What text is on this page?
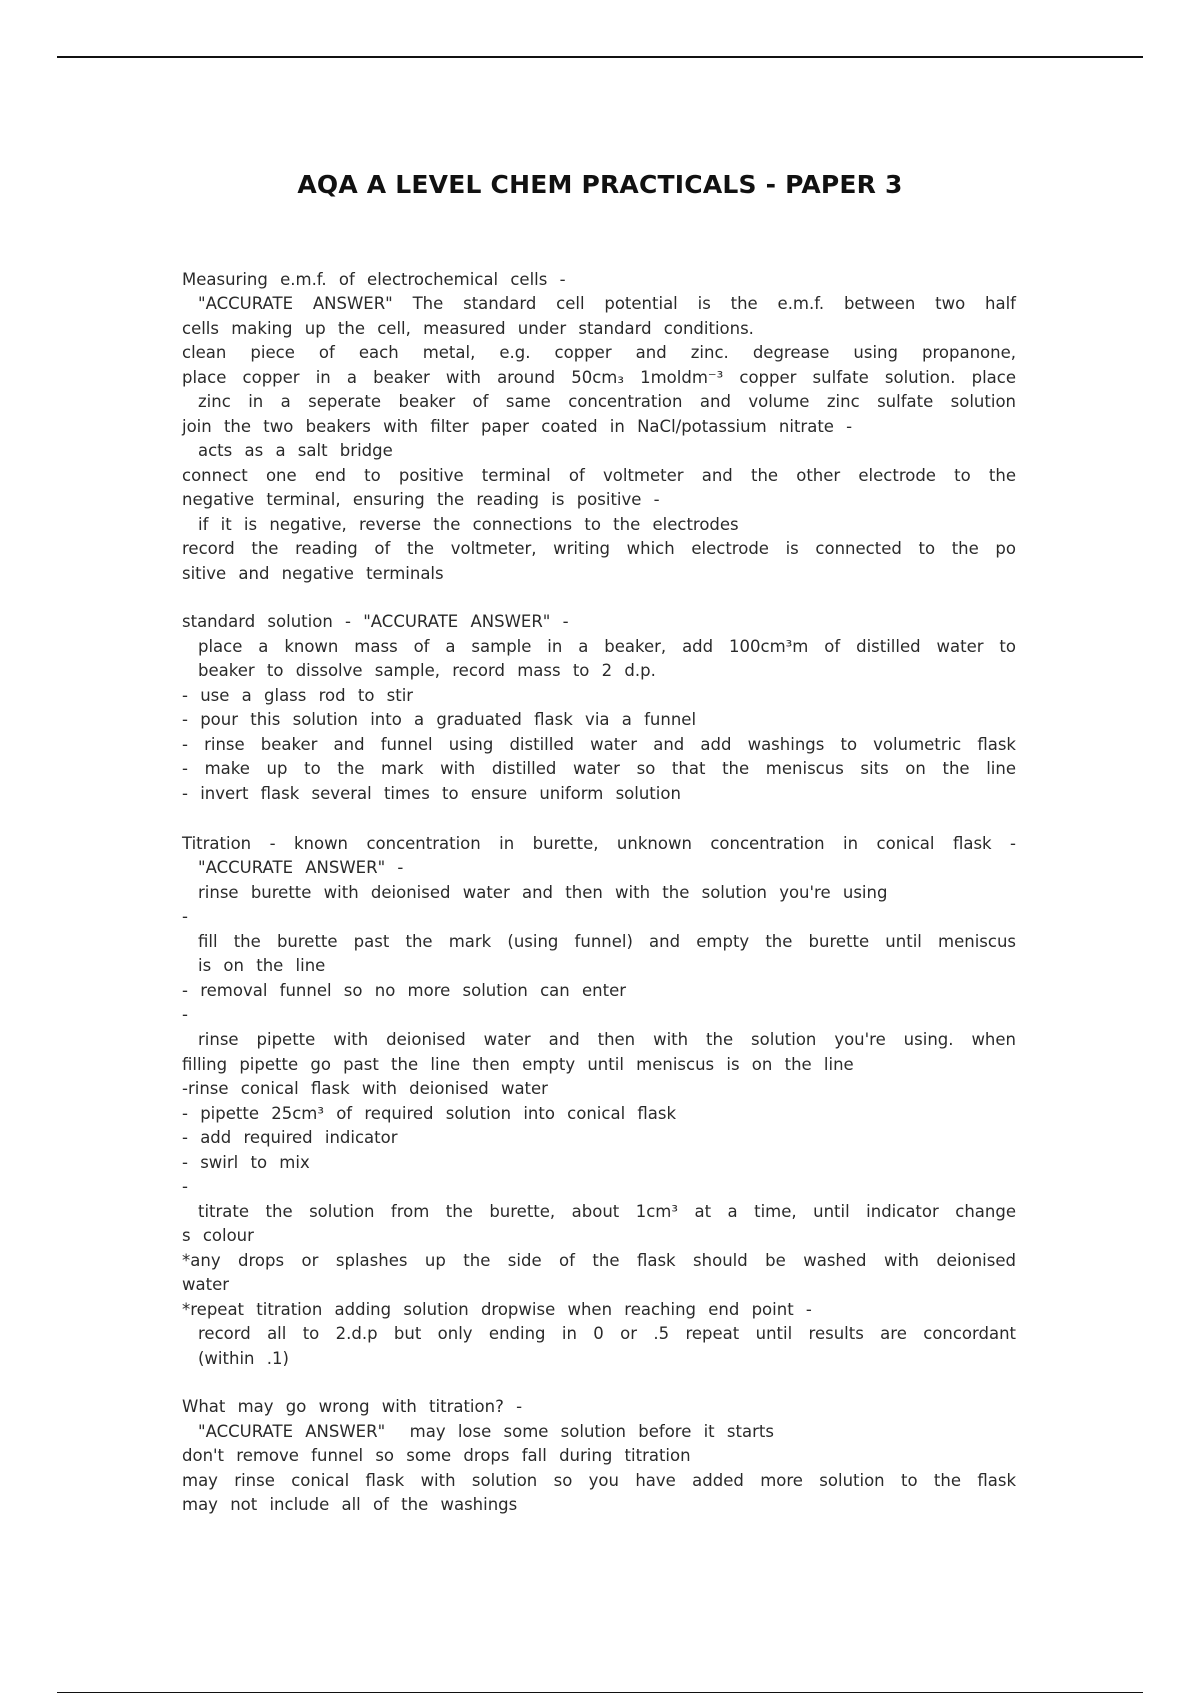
AQA A LEVEL CHEM PRACTICALS - PAPER 3
Measuring e.m.f. of electrochemical cells -
"ACCURATE ANSWER" The standard cell potential is the e.m.f. between two half
cells making up the cell, measured under standard conditions.
clean piece of each metal, e.g. copper and zinc. degrease using propanone,
place copper in a beaker with around 50cm₃ 1moldm⁻³ copper sulfate solution. place
zinc in a seperate beaker of same concentration and volume zinc sulfate solution
join the two beakers with filter paper coated in NaCl/potassium nitrate -
acts as a salt bridge
connect one end to positive terminal of voltmeter and the other electrode to the
negative terminal, ensuring the reading is positive -
if it is negative, reverse the connections to the electrodes
record the reading of the voltmeter, writing which electrode is connected to the po
sitive and negative terminals
standard solution - "ACCURATE ANSWER" -
place a known mass of a sample in a beaker, add 100cm³m of distilled water to
beaker to dissolve sample, record mass to 2 d.p.
- use a glass rod to stir
- pour this solution into a graduated flask via a funnel
- rinse beaker and funnel using distilled water and add washings to volumetric flask
- make up to the mark with distilled water so that the meniscus sits on the line
- invert flask several times to ensure uniform solution
Titration - known concentration in burette, unknown concentration in conical flask -
"ACCURATE ANSWER" -
rinse burette with deionised water and then with the solution you're using
-
fill the burette past the mark (using funnel) and empty the burette until meniscus
is on the line
- removal funnel so no more solution can enter
-
rinse pipette with deionised water and then with the solution you're using. when
filling pipette go past the line then empty until meniscus is on the line
-rinse conical flask with deionised water
- pipette 25cm³ of required solution into conical flask
- add required indicator
- swirl to mix
-
titrate the solution from the burette, about 1cm³ at a time, until indicator change
s colour
*any drops or splashes up the side of the flask should be washed with deionised
water
*repeat titration adding solution dropwise when reaching end point -
record all to 2.d.p but only ending in 0 or .5 repeat until results are concordant
(within .1)
What may go wrong with titration? -
"ACCURATE ANSWER"  may lose some solution before it starts
don't remove funnel so some drops fall during titration
may rinse conical flask with solution so you have added more solution to the flask
may not include all of the washings
